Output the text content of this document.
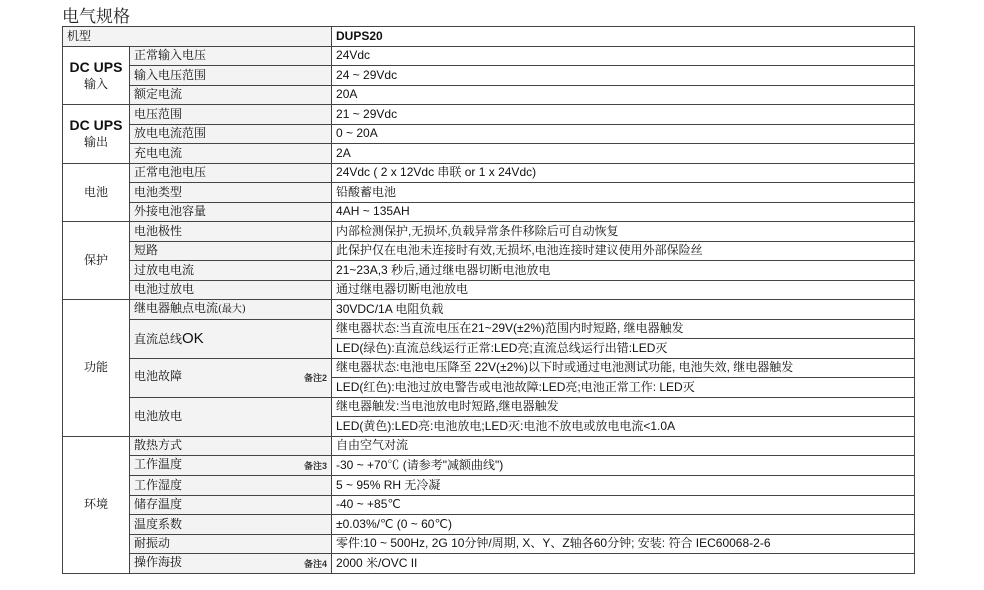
电气规格
机型		DUPS20

DC UPS
输入	正常输入电压	24Vdc
	输入电压范围	24 ~ 29Vdc
	额定电流	20A

DC UPS
输出	电压范围	21 ~ 29Vdc
	放电电流范围	0 ~ 20A
	充电电流	2A
电池	正常电池电压	24Vdc ( 2 x 12Vdc 串联 or 1 x 24Vdc)
	电池类型	铅酸蓄电池
	外接电池容量	4AH ~ 135AH
保护	电池极性	内部检测保护,无损坏,负载异常条件移除后可自动恢复
	短路	此保护仅在电池未连接时有效,无损坏,电池连接时建议使用外部保险丝
	过放电电流	21~23A,3 秒后,通过继电器切断电池放电
	电池过放电	通过继电器切断电池放电
功能	继电器触点电流(最大)	30VDC/1A 电阻负载
	直流总线OK	继电器状态:当直流电压在21~29V(±2%)范围内时短路, 继电器触发
		LED(绿色):直流总线运行正常:LED亮;直流总线运行出错:LED灭
	电池故障 备注2	继电器状态:电池电压降至 22V(±2%)以下时或通过电池测试功能, 电池失效, 继电器触发
		LED(红色):电池过放电警告或电池故障:LED亮;电池正常工作: LED灭
	电池放电	继电器触发:当电池放电时短路,继电器触发
		LED(黄色):LED亮:电池放电;LED灭:电池不放电或放电电流<1.0A
环境	散热方式	自由空气对流
	工作温度 备注3	-30 ~ +70℃ (请参考"减额曲线")
	工作湿度	5 ~ 95% RH 无冷凝
	储存温度	-40 ~ +85℃
	温度系数	±0.03%/℃ (0 ~ 60℃)
	耐振动	零件:10 ~ 500Hz, 2G 10分钟/周期, X、Y、Z轴各60分钟; 安装: 符合 IEC60068-2-6
	操作海拔 备注4	2000 米/OVC II
